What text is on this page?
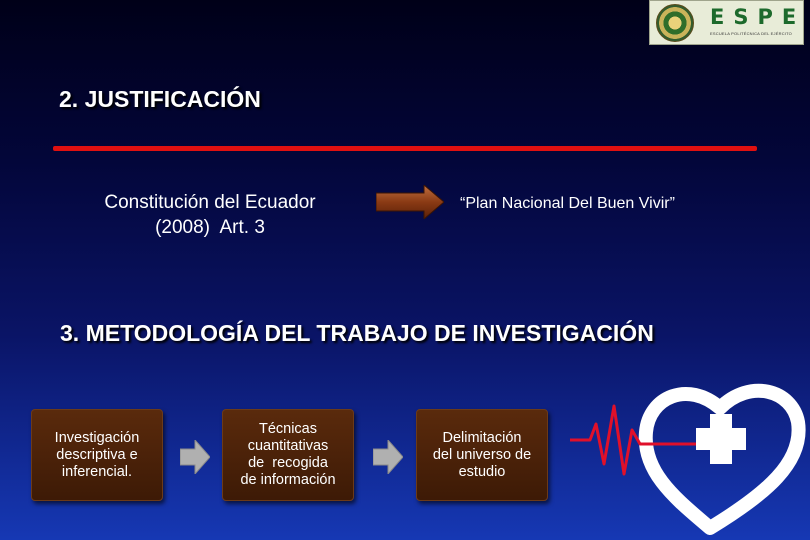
ESPE
ESCUELA POLITÉCNICA DEL EJÉRCITO
2. JUSTIFICACIÓN
Constitución del Ecuador
(2008)  Art. 3
“Plan Nacional Del Buen Vivir”
3. METODOLOGÍA DEL TRABAJO DE INVESTIGACIÓN
Investigación
descriptiva e
inferencial.
Técnicas
cuantitativas
de  recogida
de información
Delimitación
del universo de
estudio
